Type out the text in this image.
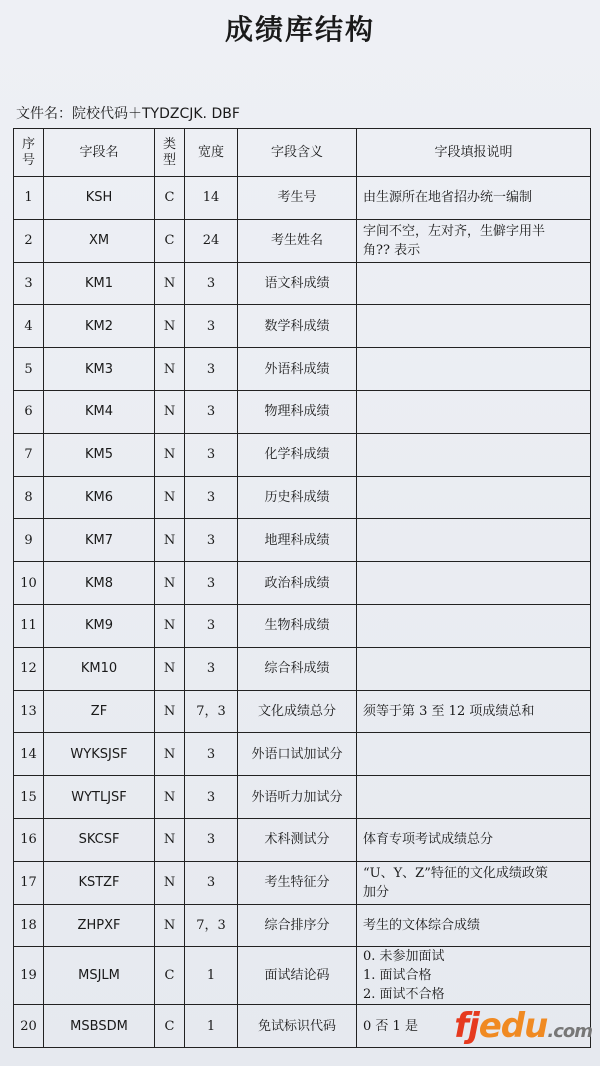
成绩库结构
文件名：院校代码＋TYDZCJK. DBF
序号	字段名	类型	宽度	字段含义	字段填报说明
1	KSH	C	14	考生号	由生源所在地省招办统一编制

2	XM	C	24	考生姓名	字间不空，左对齐，生僻字用半
角?? 表示

3	KM1	N	3	语文科成绩	
4	KM2	N	3	数学科成绩	
5	KM3	N	3	外语科成绩	
6	KM4	N	3	物理科成绩	
7	KM5	N	3	化学科成绩	
8	KM6	N	3	历史科成绩	
9	KM7	N	3	地理科成绩	
10	KM8	N	3	政治科成绩	
11	KM9	N	3	生物科成绩	
12	KM10	N	3	综合科成绩	
13	ZF	N	7，3	文化成绩总分	须等于第 3 至 12 项成绩总和

14	WYKSJSF	N	3	外语口试加试分	
15	WYTLJSF	N	3	外语听力加试分	
16	SKCSF	N	3	术科测试分	体育专项考试成绩总分

17	KSTZF	N	3	考生特征分	“U、Y、Z”特征的文化成绩政策
加分

18	ZHPXF	N	7，3	综合排序分	考生的文体综合成绩

19	MSJLM	C	1	面试结论码	0. 未参加面试
1. 面试合格
2. 面试不合格

20	MSBSDM	C	1	免试标识代码	0 否 1 是	fjedu.com
